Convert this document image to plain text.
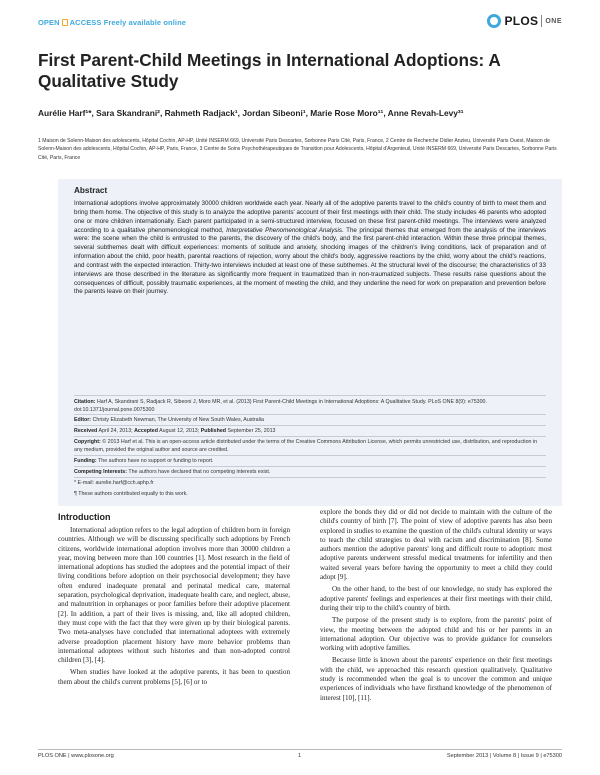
OPEN ACCESS Freely available online	PLOS ONE
First Parent-Child Meetings in International Adoptions: A Qualitative Study
Aurélie Harf¹*, Sara Skandrani², Rahmeth Radjack¹, Jordan Sibeoni¹, Marie Rose Moro¹¹, Anne Revah-Levy³¹
1 Maison de Solenn-Maison des adolescents, Hôpital Cochin, AP-HP, Unité INSERM 669, Université Paris Descartes, Sorbonne Paris Cité, Paris, France, 2 Centre de Recherche Didier Anzieu, Université Paris Ouest, Maison de Solenn-Maison des adolescents, Hôpital Cochin, AP-HP, Paris, France, 3 Centre de Soins Psychothérapeutiques de Transition pour Adolescents, Hôpital d'Argenteuil, Unité INSERM 669, Université Paris Descartes, Sorbonne Paris Cité, Paris, France
Abstract
International adoptions involve approximately 30000 children worldwide each year. Nearly all of the adoptive parents travel to the child's country of birth to meet them and bring them home. The objective of this study is to analyze the adoptive parents' account of their first meetings with their child. The study includes 46 parents who adopted one or more children internationally. Each parent participated in a semi-structured interview, focused on these first parent-child meetings. The interviews were analyzed according to a qualitative phenomenological method, Interpretative Phenomenological Analysis. The principal themes that emerged from the analysis of the interviews were: the scene when the child is entrusted to the parents, the discovery of the child's body, and the first parent-child interaction. Within these three principal themes, several subthemes dealt with difficult experiences: moments of solitude and anxiety, shocking images of the children's living conditions, lack of preparation and of information about the child, poor health, parental reactions of rejection, worry about the child's body, aggressive reactions by the child, worry about the child's reactions, and contrast with the expected interaction. Thirty-two interviews included at least one of these subthemes. At the structural level of the discourse; the characteristics of 33 interviews are those described in the literature as significantly more frequent in traumatized than in non-traumatized subjects. These results raise questions about the consequences of difficult, possibly traumatic experiences, at the moment of meeting the child, and they underline the need for work on preparation and prevention before the parents leave on their journey.
Citation: Harf A, Skandrani S, Radjack R, Sibeoni J, Moro MR, et al. (2013) First Parent-Child Meetings in International Adoptions: A Qualitative Study. PLoS ONE 8(9): e75300. doi:10.1371/journal.pone.0075300
Editor: Christy Elizabeth Newman, The University of New South Wales, Australia
Received April 24, 2013; Accepted August 12, 2013; Published September 25, 2013
Copyright: © 2013 Harf et al. This is an open-access article distributed under the terms of the Creative Commons Attribution License, which permits unrestricted use, distribution, and reproduction in any medium, provided the original author and source are credited.
Funding: The authors have no support or funding to report.
Competing Interests: The authors have declared that no competing interests exist.
* E-mail: aurelie.harf@cch.aphp.fr
¶ These authors contributed equally to this work.
Introduction

International adoption refers to the legal adoption of children born in foreign countries. Although we will be discussing specifically such adoptions by French citizens, worldwide international adoption involves more than 30000 children a year, moving between more than 100 countries [1]. Most research in the field of international adoptions has studied the adoptees and the potential impact of their living conditions before adoption on their psychosocial development; they have often endured inadequate prenatal and perinatal medical care, maternal separation, psychological deprivation, inadequate health care, and neglect, abuse, and malnutrition in orphanages or poor families before their adoptive placement [2]. In addition, a part of their lives is missing, and, like all adopted children, they must cope with the fact that they were given up by their biological parents. Two meta-analyses have concluded that international adoptees with extremely adverse preadoption placement history have more behavior problems than international adoptees without such histories and than non-adopted control children [3], [4].

When studies have looked at the adoptive parents, it has been to question them about the child's current problems [5], [6] or to

explore the bonds they did or did not decide to maintain with the culture of the child's country of birth [7]. The point of view of adoptive parents has also been explored in studies to examine the question of the child's cultural identity or ways to teach the child strategies to deal with racism and discrimination [8]. Some authors mention the adoptive parents' long and difficult route to adoption: most adoptive parents underwent stressful medical treatments for infertility and then waited several years before having the opportunity to meet a child they could adopt [9].

On the other hand, to the best of our knowledge, no study has explored the adoptive parents' feelings and experiences at their first meetings with their child, during their trip to the child's country of birth.

The purpose of the present study is to explore, from the parents' point of view, the meeting between the adopted child and his or her parents in an international adoption. Our objective was to provide guidance for counselors working with adoptive families.

Because little is known about the parents' experience on their first meetings with the child, we approached this research question qualitatively. Qualitative study is recommended when the goal is to uncover the common and unique experiences of individuals who have firsthand knowledge of the phenomenon of interest [10], [11].

PLOS ONE | www.plosone.org	1	September 2013 | Volume 8 | Issue 9 | e75300
